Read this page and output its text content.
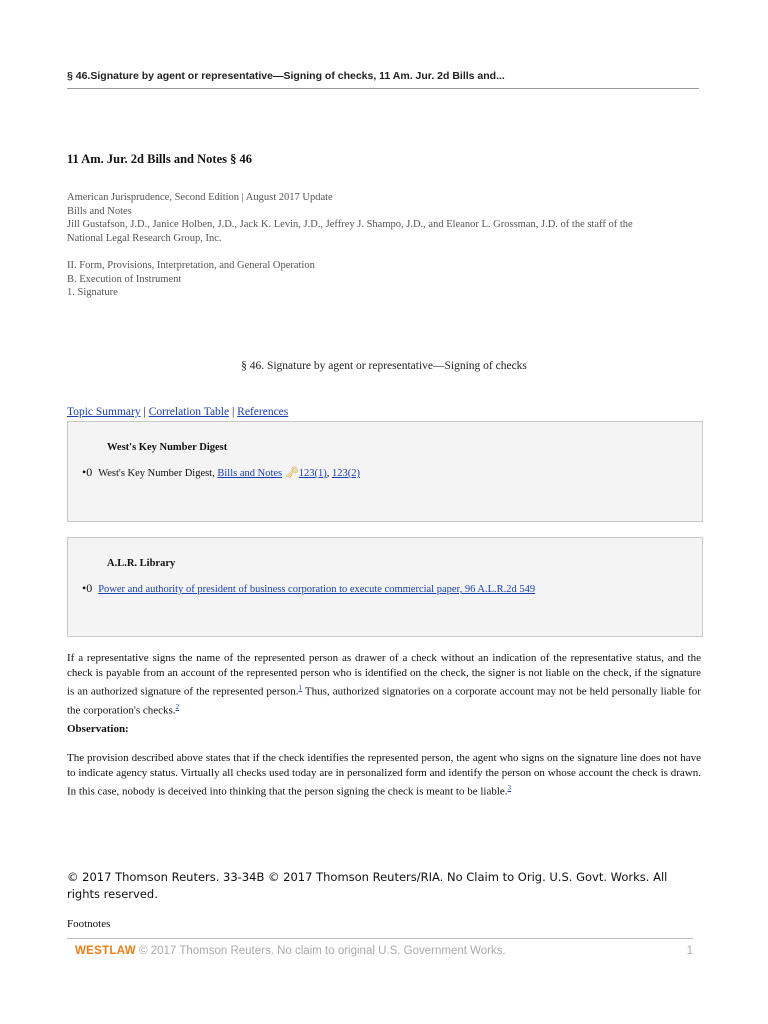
§ 46.Signature by agent or representative—Signing of checks, 11 Am. Jur. 2d Bills and...
11 Am. Jur. 2d Bills and Notes § 46
American Jurisprudence, Second Edition | August 2017 Update
Bills and Notes
Jill Gustafson, J.D., Janice Holben, J.D., Jack K. Levin, J.D., Jeffrey J. Shampo, J.D., and Eleanor L. Grossman, J.D. of the staff of the
National Legal Research Group, Inc.
II. Form, Provisions, Interpretation, and General Operation
B. Execution of Instrument
1. Signature
§ 46. Signature by agent or representative—Signing of checks
Topic Summary | Correlation Table | References
West's Key Number Digest
•0 West's Key Number Digest, Bills and Notes 🗝123(1), 123(2)
A.L.R. Library
•0 Power and authority of president of business corporation to execute commercial paper, 96 A.L.R.2d 549
If a representative signs the name of the represented person as drawer of a check without an indication of the representative status, and the check is payable from an account of the represented person who is identified on the check, the signer is not liable on the check, if the signature is an authorized signature of the represented person.$^1$ Thus, authorized signatories on a corporate account may not be held personally liable for the corporation's checks.$^2$
Observation:
The provision described above states that if the check identifies the represented person, the agent who signs on the signature line does not have to indicate agency status. Virtually all checks used today are in personalized form and identify the person on whose account the check is drawn. In this case, nobody is deceived into thinking that the person signing the check is meant to be liable.$^3$
© 2017 Thomson Reuters. 33-34B © 2017 Thomson Reuters/RIA. No Claim to Orig. U.S. Govt. Works. All rights reserved.
Footnotes
WESTLAW © 2017 Thomson Reuters. No claim to original U.S. Government Works.	1
